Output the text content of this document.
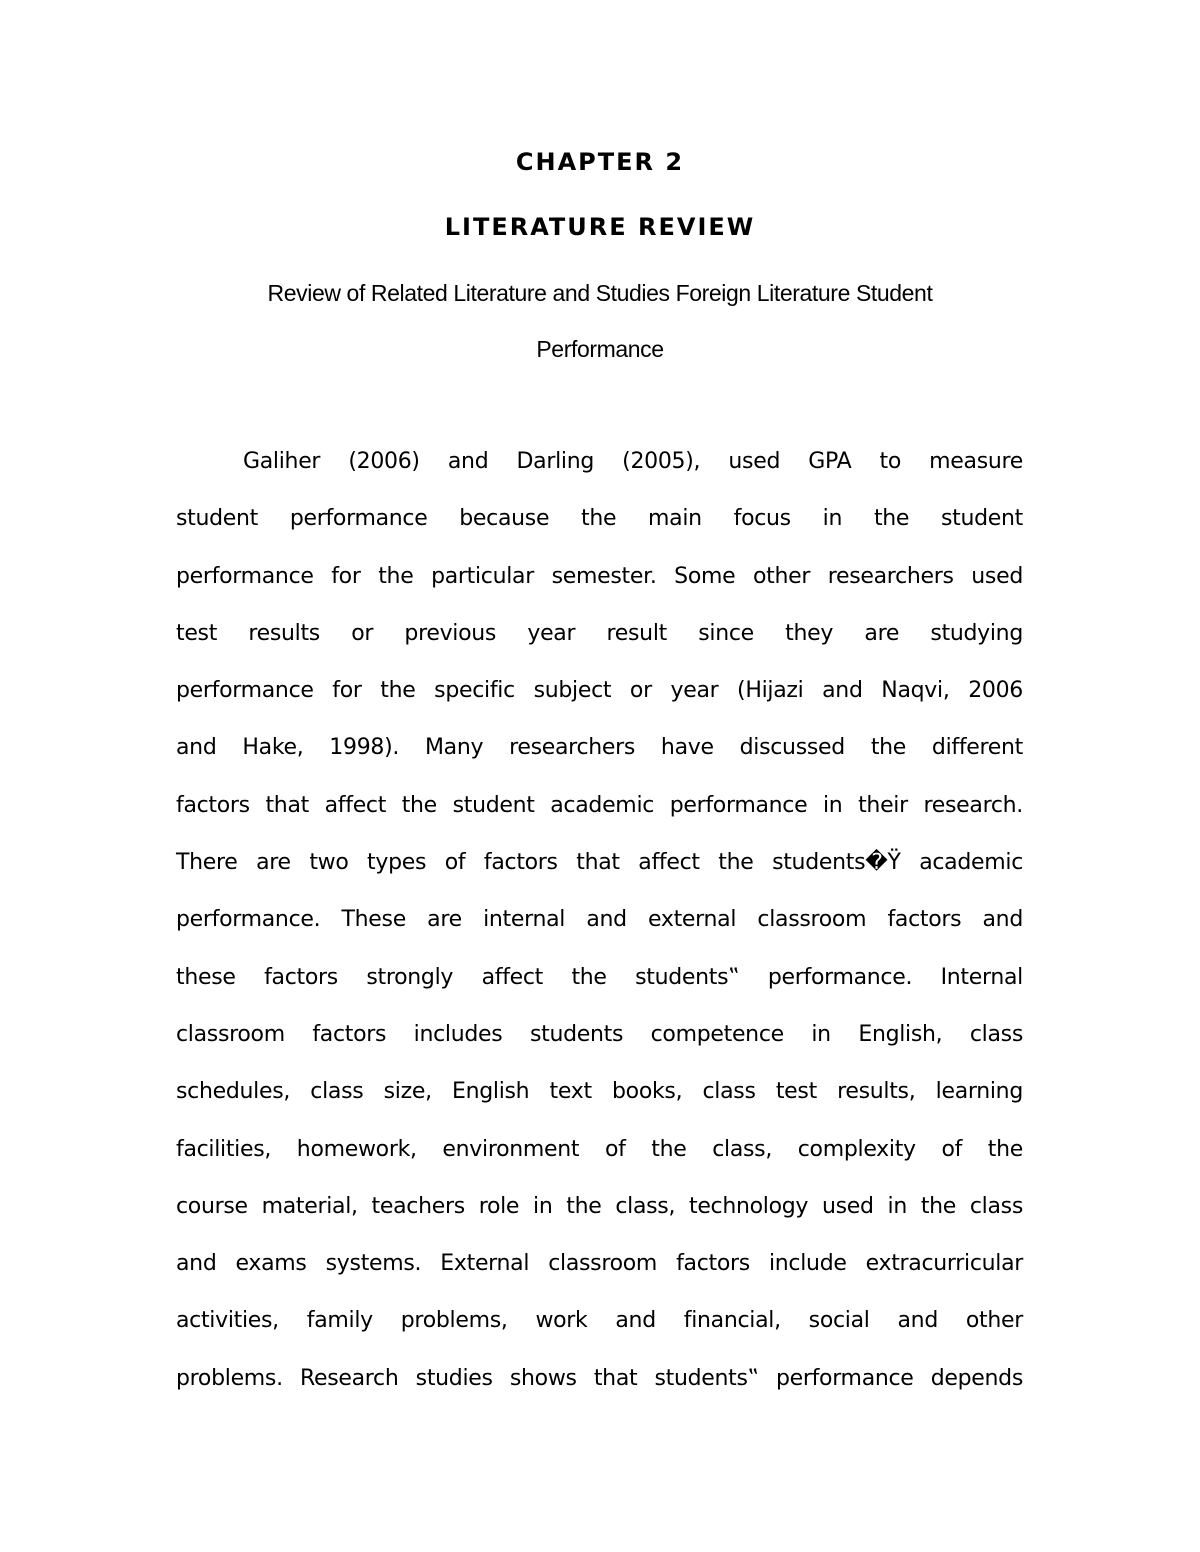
CHAPTER 2
LITERATURE REVIEW

Review of Related Literature and Studies Foreign Literature Student

Performance

Galiher (2006) and Darling (2005), used GPA to measure
student performance because the main focus in the student
performance for the particular semester. Some other researchers used
test results or previous year result since they are studying
performance for the specific subject or year (Hijazi and Naqvi, 2006
and Hake, 1998). Many researchers have discussed the different
factors that affect the student academic performance in their research.
There are two types of factors that affect the students�Ÿ academic
performance. These are internal and external classroom factors and
these factors strongly affect the students‟ performance. Internal
classroom factors includes students competence in English, class
schedules, class size, English text books, class test results, learning
facilities, homework, environment of the class, complexity of the
course material, teachers role in the class, technology used in the class
and exams systems. External classroom factors include extracurricular
activities, family problems, work and financial, social and other
problems. Research studies shows that students‟ performance depends
